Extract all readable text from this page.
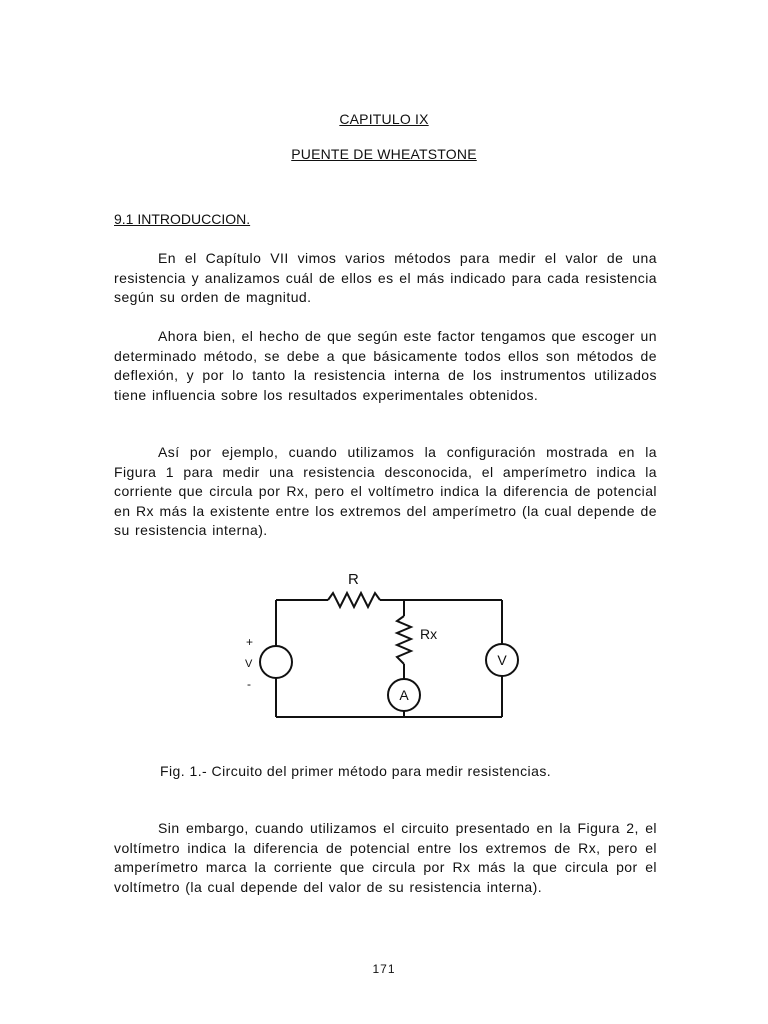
CAPITULO IX
PUENTE DE WHEATSTONE
9.1 INTRODUCCION.

En el Capítulo VII vimos varios métodos para medir el valor de una resistencia y analizamos cuál de ellos es el más indicado para cada resistencia según su orden de magnitud.

Ahora bien, el hecho de que según este factor tengamos que escoger un determinado método, se debe a que básicamente todos ellos son métodos de deflexión, y por lo tanto la resistencia interna de los instrumentos utilizados tiene influencia sobre los resultados experimentales obtenidos.

Así por ejemplo, cuando utilizamos la configuración mostrada en la Figura 1 para medir una resistencia desconocida, el amperímetro indica la corriente que circula por Rx, pero el voltímetro indica la diferencia de potencial en Rx más la existente entre los extremos del amperímetro (la cual depende de su resistencia interna).

R
Rx
+
V
-
A
V
Fig. 1.- Circuito del primer método para medir resistencias.

Sin embargo, cuando utilizamos el circuito presentado en la Figura 2, el voltímetro indica la diferencia de potencial entre los extremos de Rx, pero el amperímetro marca la corriente que circula por Rx más la que circula por el voltímetro (la cual depende del valor de su resistencia interna).

171
